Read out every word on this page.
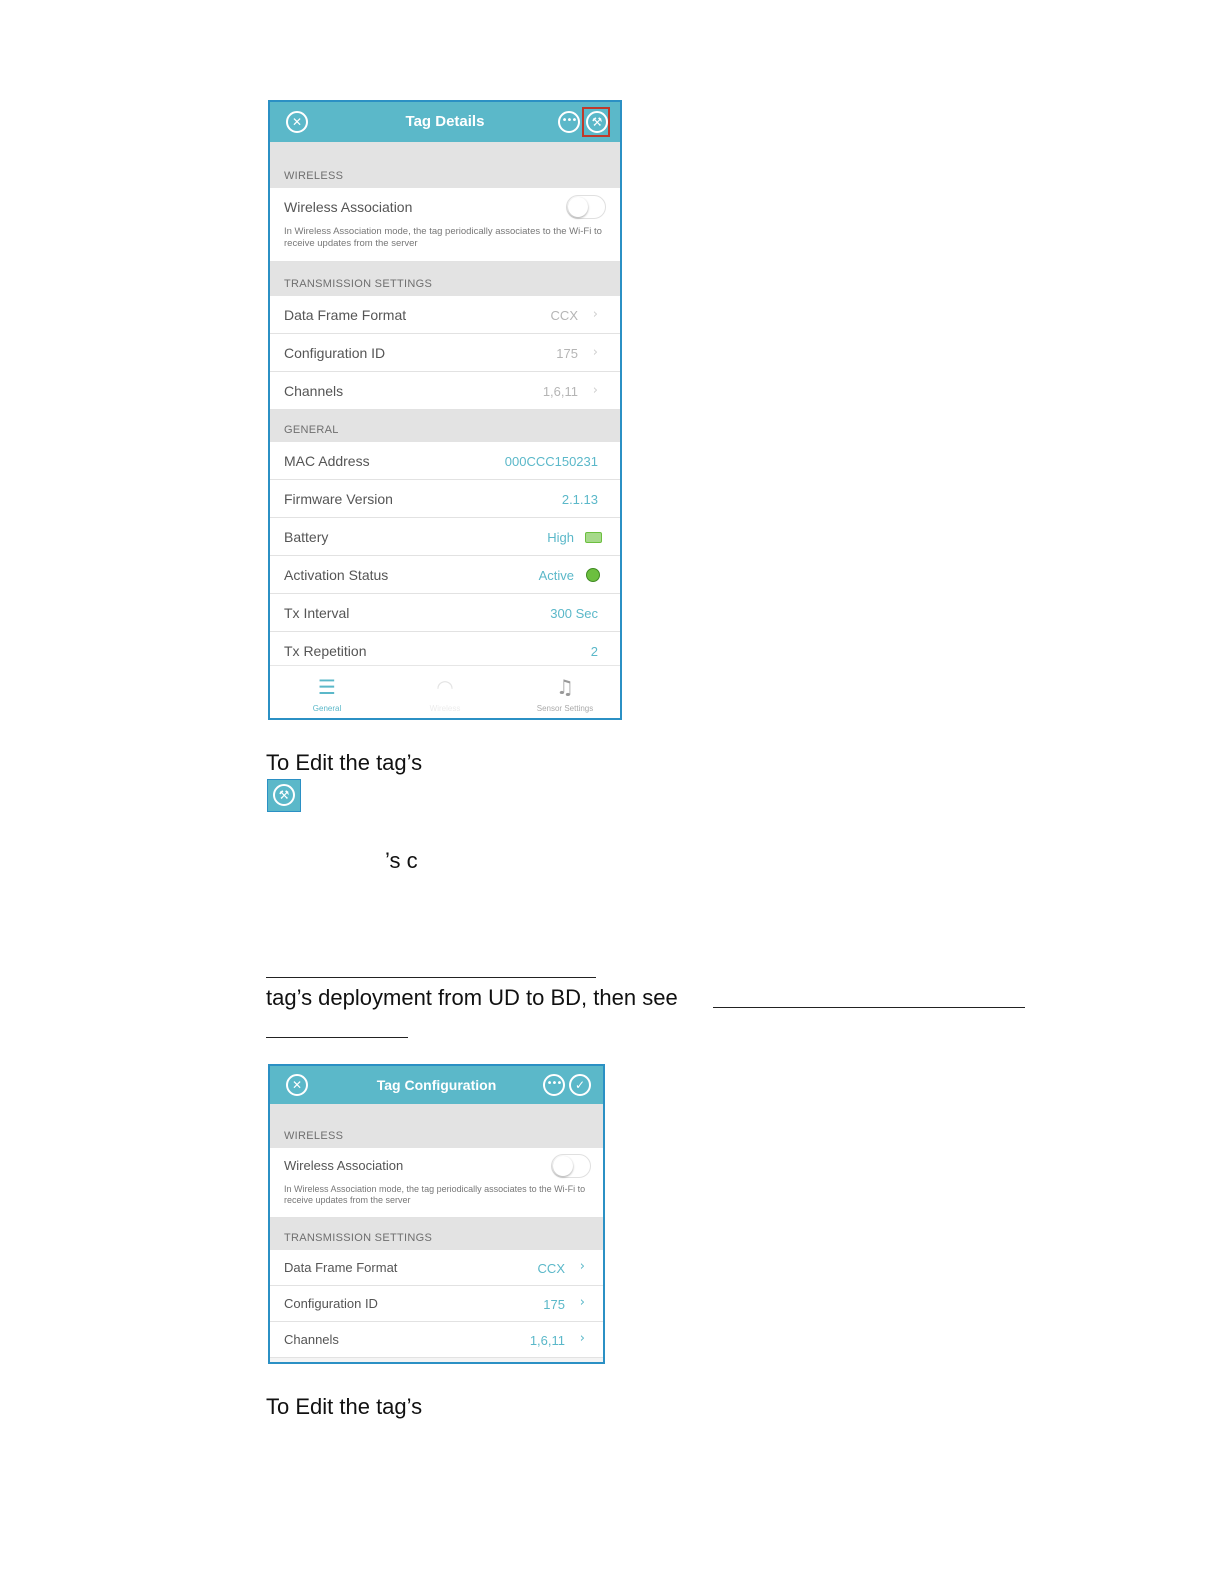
✕	Tag Details	•••	⚒
WIRELESS
Wireless Association
In Wireless Association mode, the tag periodically associates to the Wi-Fi to receive updates from the server
TRANSMISSION SETTINGS
Data Frame Format	CCX ›
Configuration ID	175 ›
Channels	1,6,11 ›
GENERAL
MAC Address	000CCC150231
Firmware Version	2.1.13
Battery	High
Activation Status	Active
Tx Interval	300 Sec
Tx Repetition	2
☰
General
◠
Wireless
♫
Sensor Settings
To Edit the tag’s
⚒
’s c
tag’s deployment from UD to BD, then see
✕	Tag Configuration	•••	✓
WIRELESS
Wireless Association
In Wireless Association mode, the tag periodically associates to the Wi-Fi to receive updates from the server
TRANSMISSION SETTINGS
Data Frame Format	CCX ›
Configuration ID	175 ›
Channels	1,6,11 ›
To Edit the tag’s
